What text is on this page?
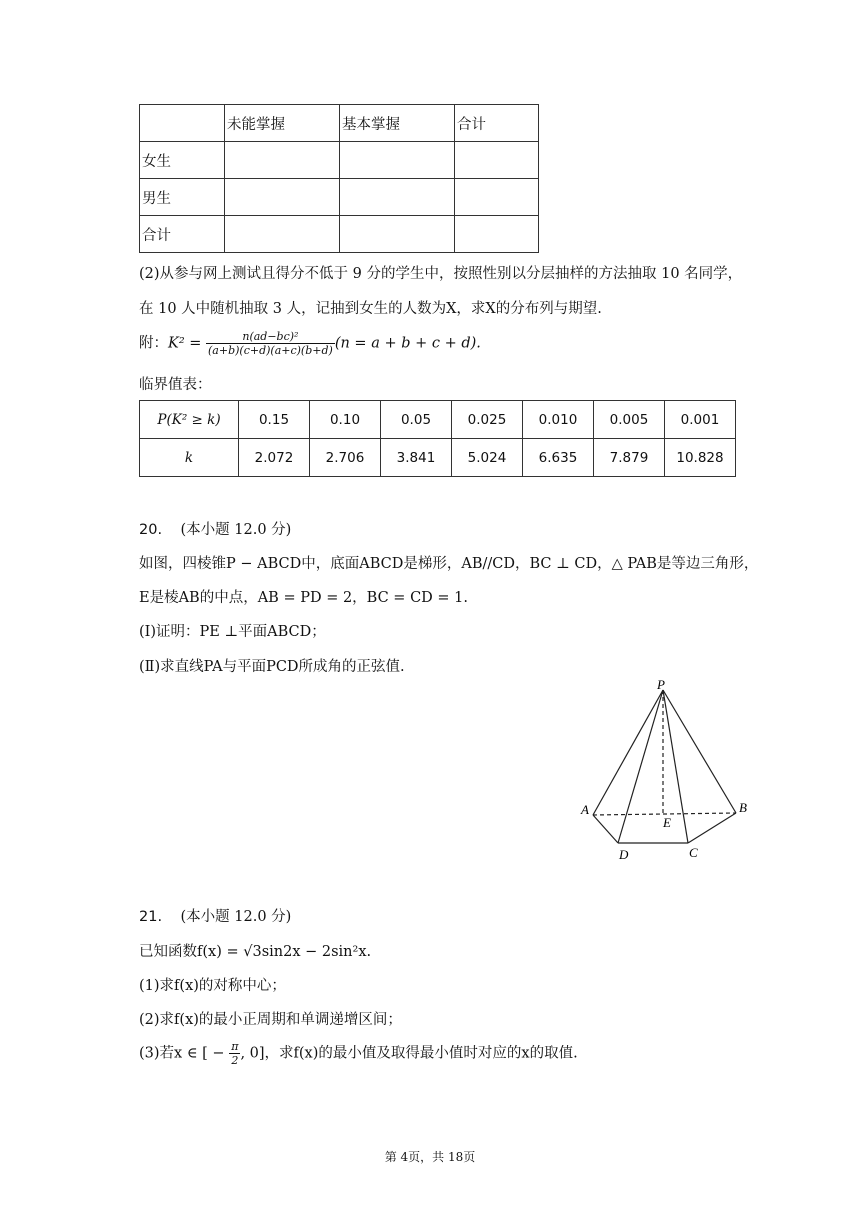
	未能掌握	基本掌握	合计
女生			
男生			
合计			
(2)从参与网上测试且得分不低于 9 分的学生中，按照性别以分层抽样的方法抽取 10 名同学，
在 10 人中随机抽取 3 人，记抽到女生的人数为X，求X的分布列与期望.
附：$K^2 = \frac{\text{n(ad−bc)²}}{(a+b)(c+d)(a+c)(b+d)} (n = a + b + c + d)$.
临界值表：
P(K² ≥ k)	0.15	0.10	0.05	0.025	0.010	0.005	0.001
k	2.072	2.706	3.841	5.024	6.635	7.879	10.828
20. (本小题 12.0 分)
如图，四棱锥P − ABCD中，底面ABCD是梯形，AB//CD，BC ⊥ CD，△ PAB是等边三角形，
E是棱AB的中点，AB = PD = 2，BC = CD = 1.
(Ⅰ)证明：PE ⊥平面ABCD；
(Ⅱ)求直线PA与平面PCD所成角的正弦值.
P
A	B
C
D
E
21. (本小题 12.0 分)
已知函数f(x) = √3sin2x − 2sin²x.
(1)求f(x)的对称中心；
(2)求f(x)的最小正周期和单调递增区间；
(3)若x ∈ [ − $\frac{\pi}{2}$ , 0]，求f(x)的最小值及取得最小值时对应的x的取值.
第 4页，共 18页
